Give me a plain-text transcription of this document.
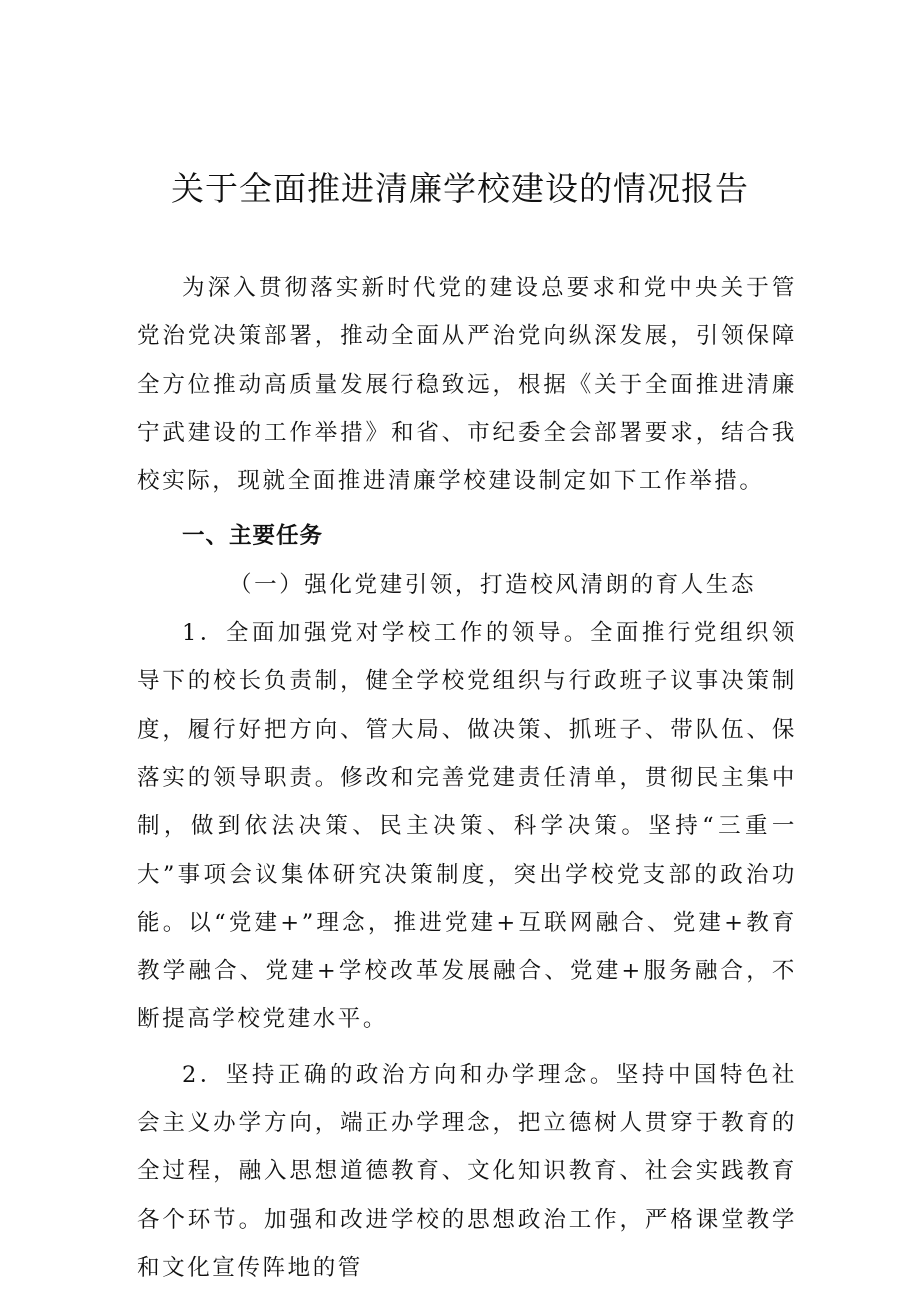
关于全面推进清廉学校建设的情况报告

为深入贯彻落实新时代党的建设总要求和党中央关于管党治党决策部署，推动全面从严治党向纵深发展，引领保障全方位推动高质量发展行稳致远，根据《关于全面推进清廉宁武建设的工作举措》和省、市纪委全会部署要求，结合我校实际，现就全面推进清廉学校建设制定如下工作举措。

一、主要任务

（一）强化党建引领，打造校风清朗的育人生态

1．全面加强党对学校工作的领导。全面推行党组织领导下的校长负责制，健全学校党组织与行政班子议事决策制度，履行好把方向、管大局、做决策、抓班子、带队伍、保落实的领导职责。修改和完善党建责任清单，贯彻民主集中制，做到依法决策、民主决策、科学决策。坚持“三重一大”事项会议集体研究决策制度，突出学校党支部的政治功能。以“党建+”理念，推进党建+互联网融合、党建+教育教学融合、党建+学校改革发展融合、党建+服务融合，不断提高学校党建水平。

2．坚持正确的政治方向和办学理念。坚持中国特色社会主义办学方向，端正办学理念，把立德树人贯穿于教育的全过程，融入思想道德教育、文化知识教育、社会实践教育各个环节。加强和改进学校的思想政治工作，严格课堂教学和文化宣传阵地的管
